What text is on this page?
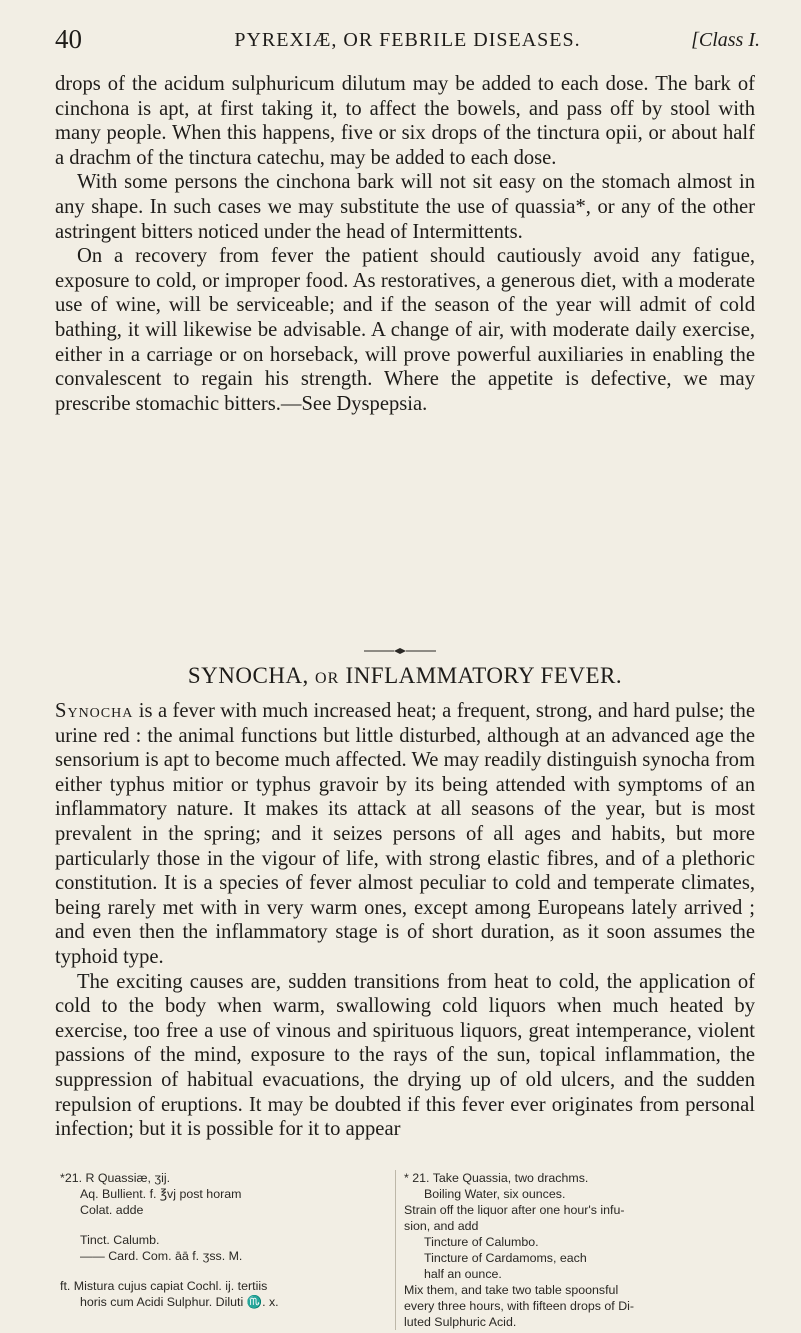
40	PYREXIÆ, OR FEBRILE DISEASES.	[Class I.

drops of the acidum sulphuricum dilutum may be added to each dose. The bark of cinchona is apt, at first taking it, to affect the bowels, and pass off by stool with many people. When this happens, five or six drops of the tinctura opii, or about half a drachm of the tinctura catechu, may be added to each dose.

With some persons the cinchona bark will not sit easy on the stomach almost in any shape. In such cases we may substitute the use of quassia*, or any of the other astringent bitters noticed under the head of Intermittents.

On a recovery from fever the patient should cautiously avoid any fatigue, exposure to cold, or improper food. As restoratives, a generous diet, with a moderate use of wine, will be serviceable; and if the season of the year will admit of cold bathing, it will likewise be advisable. A change of air, with moderate daily exercise, either in a carriage or on horseback, will prove powerful auxiliaries in enabling the convalescent to regain his strength. Where the appetite is defective, we may prescribe stomachic bitters.—See Dyspepsia.

SYNOCHA, OR INFLAMMATORY FEVER.

Synocha is a fever with much increased heat; a frequent, strong, and hard pulse; the urine red : the animal functions but little disturbed, although at an advanced age the sensorium is apt to become much affected. We may readily distinguish synocha from either typhus mitior or typhus gravoir by its being attended with symptoms of an inflammatory nature. It makes its attack at all seasons of the year, but is most prevalent in the spring; and it seizes persons of all ages and habits, but more particularly those in the vigour of life, with strong elastic fibres, and of a plethoric constitution. It is a species of fever almost peculiar to cold and temperate climates, being rarely met with in very warm ones, except among Europeans lately arrived ; and even then the inflammatory stage is of short duration, as it soon assumes the typhoid type.

The exciting causes are, sudden transitions from heat to cold, the application of cold to the body when warm, swallowing cold liquors when much heated by exercise, too free a use of vinous and spirituous liquors, great intemperance, violent passions of the mind, exposure to the rays of the sun, topical inflammation, the suppression of habitual evacuations, the drying up of old ulcers, and the sudden repulsion of eruptions. It may be doubted if this fever ever originates from personal infection; but it is possible for it to appear

*21. R Quassiæ, ʒij.
Aq. Bullient. f. ℥vj post horam
Colat. adde
Tinct. Calumb.
—— Card. Com. āā f. ʒss. M.
ft. Mistura cujus capiat Cochl. ij. tertiis
horis cum Acidi Sulphur. Diluti ♏. x.
* 21. Take Quassia, two drachms.
Boiling Water, six ounces.
Strain off the liquor after one hour's infu-
sion, and add
Tincture of Calumbo.
Tincture of Cardamoms, each
half an ounce.
Mix them, and take two table spoonsful
every three hours, with fifteen drops of Di-
luted Sulphuric Acid.
